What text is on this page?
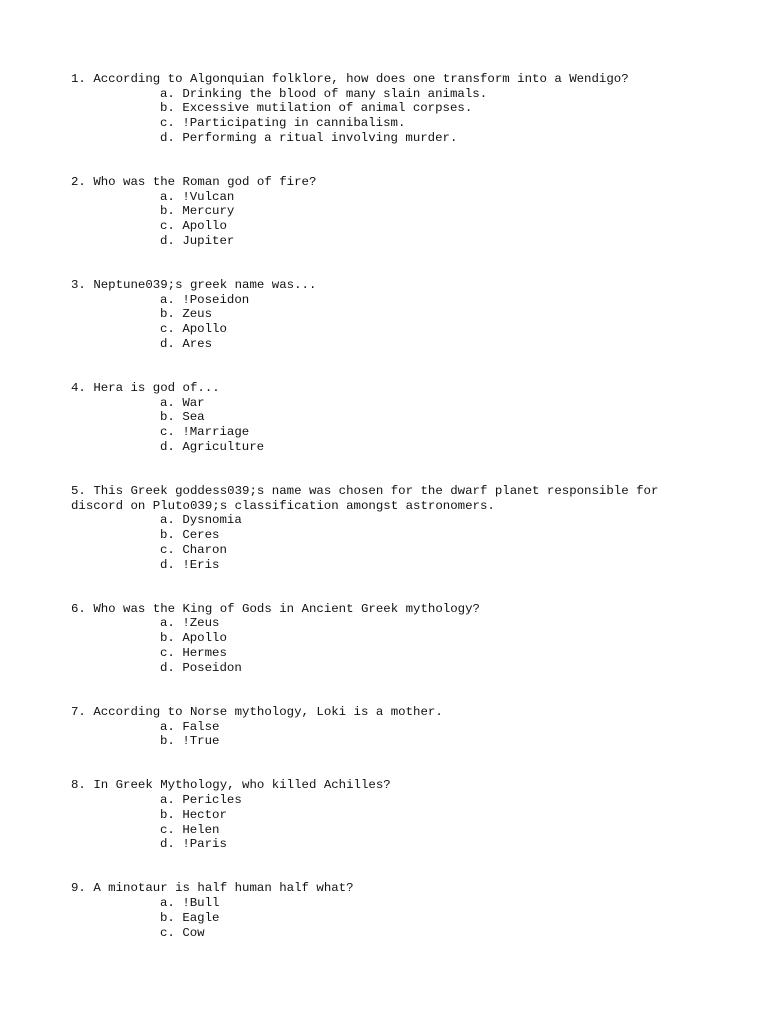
1. According to Algonquian folklore, how does one transform into a Wendigo?

a. Drinking the blood of many slain animals.
b. Excessive mutilation of animal corpses.
c. !Participating in cannibalism.
d. Performing a ritual involving murder.

2. Who was the Roman god of fire?

a. !Vulcan
b. Mercury
c. Apollo
d. Jupiter

3. Neptune039;s greek name was...

a. !Poseidon
b. Zeus
c. Apollo
d. Ares

4. Hera is god of...

a. War
b. Sea
c. !Marriage
d. Agriculture

5. This Greek goddess039;s name was chosen for the dwarf planet responsible for
discord on Pluto039;s classification amongst astronomers.

a. Dysnomia
b. Ceres
c. Charon
d. !Eris

6. Who was the King of Gods in Ancient Greek mythology?

a. !Zeus
b. Apollo
c. Hermes
d. Poseidon

7. According to Norse mythology, Loki is a mother.

a. False
b. !True

8. In Greek Mythology, who killed Achilles?

a. Pericles
b. Hector
c. Helen
d. !Paris

9. A minotaur is half human half what?

a. !Bull
b. Eagle
c. Cow
